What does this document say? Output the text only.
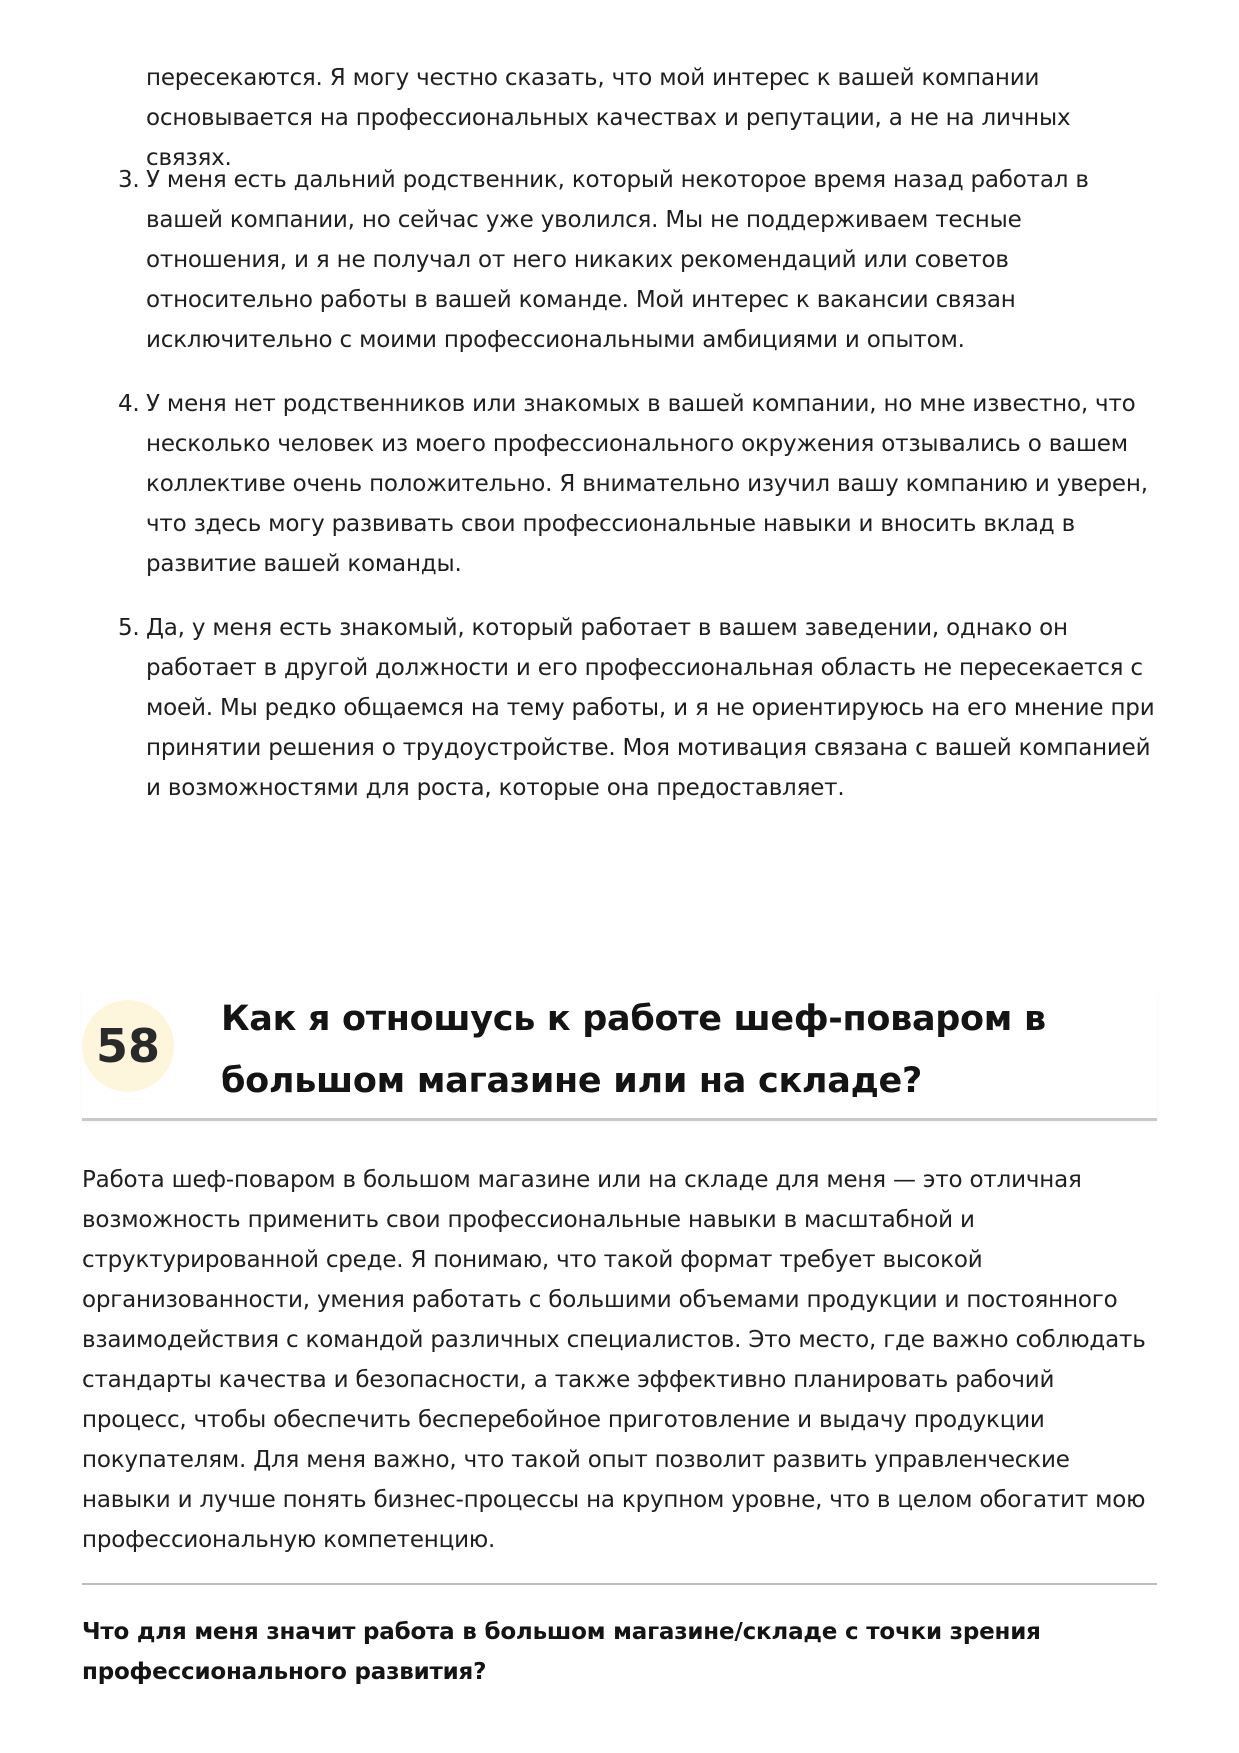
пересекаются. Я могу честно сказать, что мой интерес к вашей компании основывается на профессиональных качествах и репутации, а не на личных связях.

3. У меня есть дальний родственник, который некоторое время назад работал в вашей компании, но сейчас уже уволился. Мы не поддерживаем тесные отношения, и я не получал от него никаких рекомендаций или советов относительно работы в вашей команде. Мой интерес к вакансии связан исключительно с моими профессиональными амбициями и опытом.
4. У меня нет родственников или знакомых в вашей компании, но мне известно, что несколько человек из моего профессионального окружения отзывались о вашем коллективе очень положительно. Я внимательно изучил вашу компанию и уверен, что здесь могу развивать свои профессиональные навыки и вносить вклад в развитие вашей команды.
5. Да, у меня есть знакомый, который работает в вашем заведении, однако он работает в другой должности и его профессиональная область не пересекается с моей. Мы редко общаемся на тему работы, и я не ориентируюсь на его мнение при принятии решения о трудоустройстве. Моя мотивация связана с вашей компанией и возможностями для роста, которые она предоставляет.
58	Как я отношусь к работе шеф-поваром в большом магазине или на складе?

Работа шеф-поваром в большом магазине или на складе для меня — это отличная возможность применить свои профессиональные навыки в масштабной и структурированной среде. Я понимаю, что такой формат требует высокой организованности, умения работать с большими объемами продукции и постоянного взаимодействия с командой различных специалистов. Это место, где важно соблюдать стандарты качества и безопасности, а также эффективно планировать рабочий процесс, чтобы обеспечить бесперебойное приготовление и выдачу продукции покупателям. Для меня важно, что такой опыт позволит развить управленческие навыки и лучше понять бизнес-процессы на крупном уровне, что в целом обогатит мою профессиональную компетенцию.

Что для меня значит работа в большом магазине/складе с точки зрения профессионального развития?
